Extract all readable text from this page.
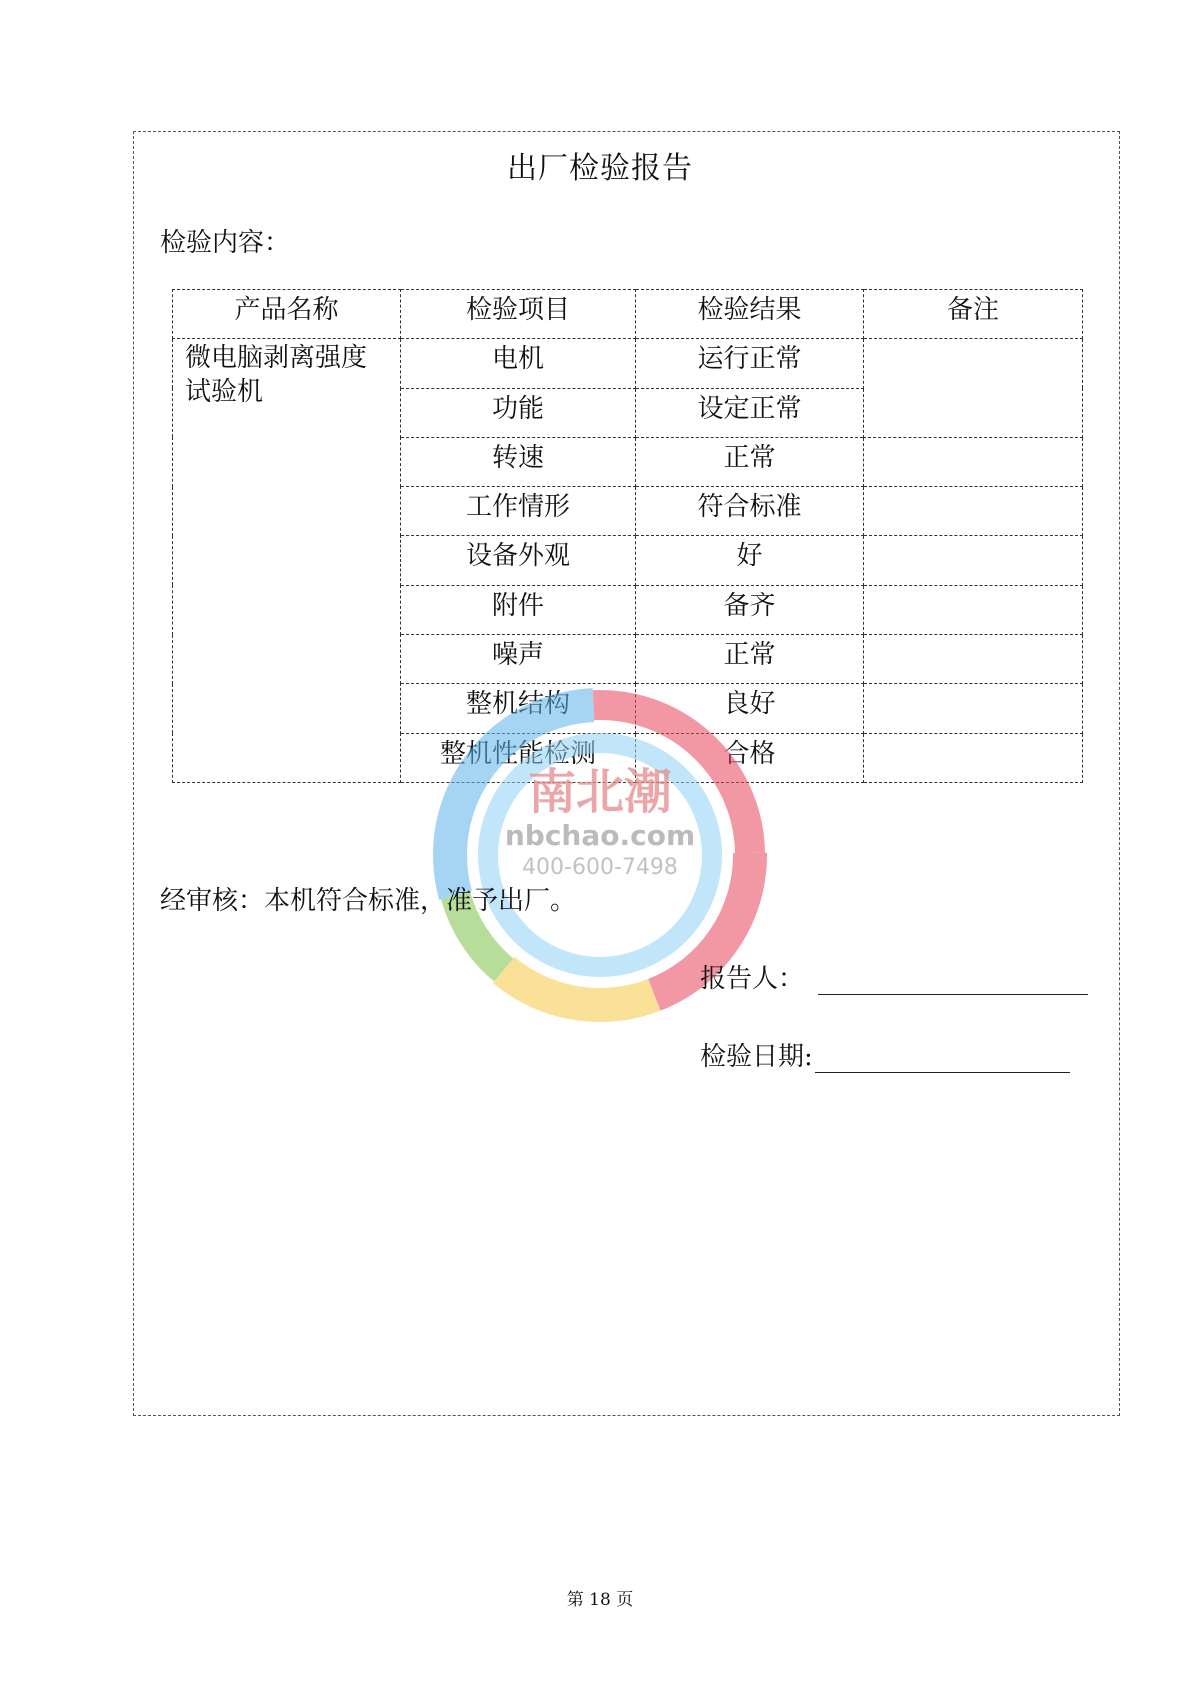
出厂检验报告
检验内容：
产品名称	检验项目	检验结果	备注
微电脑剥离强度试验机	电机	运行正常	
	功能	设定正常	
	转速	正常	
	工作情形	符合标准	
	设备外观	好	
	附件	备齐	
	噪声	正常	
	整机结构	良好	
	整机性能检测	合格	
南北潮
nbchao.com
400-600-7498
经审核：本机符合标准，准予出厂。
报告人：
检验日期:
第 18 页
